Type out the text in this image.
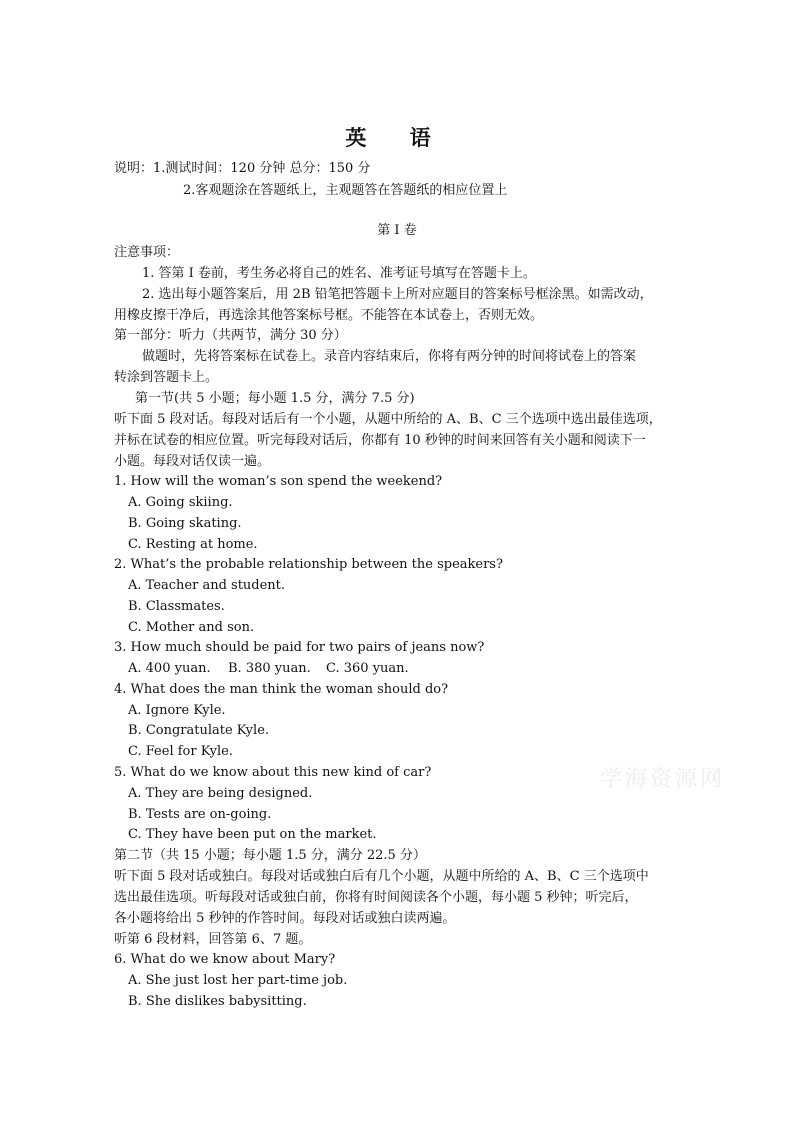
英 语
说明：1.测试时间：120 分钟 总分：150 分
2.客观题涂在答题纸上，主观题答在答题纸的相应位置上
第 I 卷
注意事项：
1. 答第 I 卷前，考生务必将自己的姓名、准考证号填写在答题卡上。
2. 选出每小题答案后，用 2B 铅笔把答题卡上所对应题目的答案标号框涂黑。如需改动，
用橡皮擦干净后，再选涂其他答案标号框。不能答在本试卷上，否则无效。
第一部分：听力（共两节，满分 30 分）
做题时，先将答案标在试卷上。录音内容结束后，你将有两分钟的时间将试卷上的答案
转涂到答题卡上。
第一节(共 5 小题；每小题 1.5 分，满分 7.5 分)
听下面 5 段对话。每段对话后有一个小题，从题中所给的 A、B、C 三个选项中选出最佳选项，
并标在试卷的相应位置。听完每段对话后，你都有 10 秒钟的时间来回答有关小题和阅读下一
小题。每段对话仅读一遍。
1. How will the woman’s son spend the weekend?
A. Going skiing.
B. Going skating.
C. Resting at home.
2. What’s the probable relationship between the speakers?
A. Teacher and student.
B. Classmates.
C. Mother and son.
3. How much should be paid for two pairs of jeans now?
A. 400 yuan. B. 380 yuan. C. 360 yuan.
4. What does the man think the woman should do?
A. Ignore Kyle.
B. Congratulate Kyle.
C. Feel for Kyle.
5. What do we know about this new kind of car?
A. They are being designed.
B. Tests are on-going.
C. They have been put on the market.
学海资源网
第二节（共 15 小题；每小题 1.5 分，满分 22.5 分）
听下面 5 段对话或独白。每段对话或独白后有几个小题，从题中所给的 A、B、C 三个选项中
选出最佳选项。听每段对话或独白前，你将有时间阅读各个小题，每小题 5 秒钟；听完后，
各小题将给出 5 秒钟的作答时间。每段对话或独白读两遍。
听第 6 段材料，回答第 6、7 题。
6. What do we know about Mary?
A. She just lost her part-time job.
B. She dislikes babysitting.
